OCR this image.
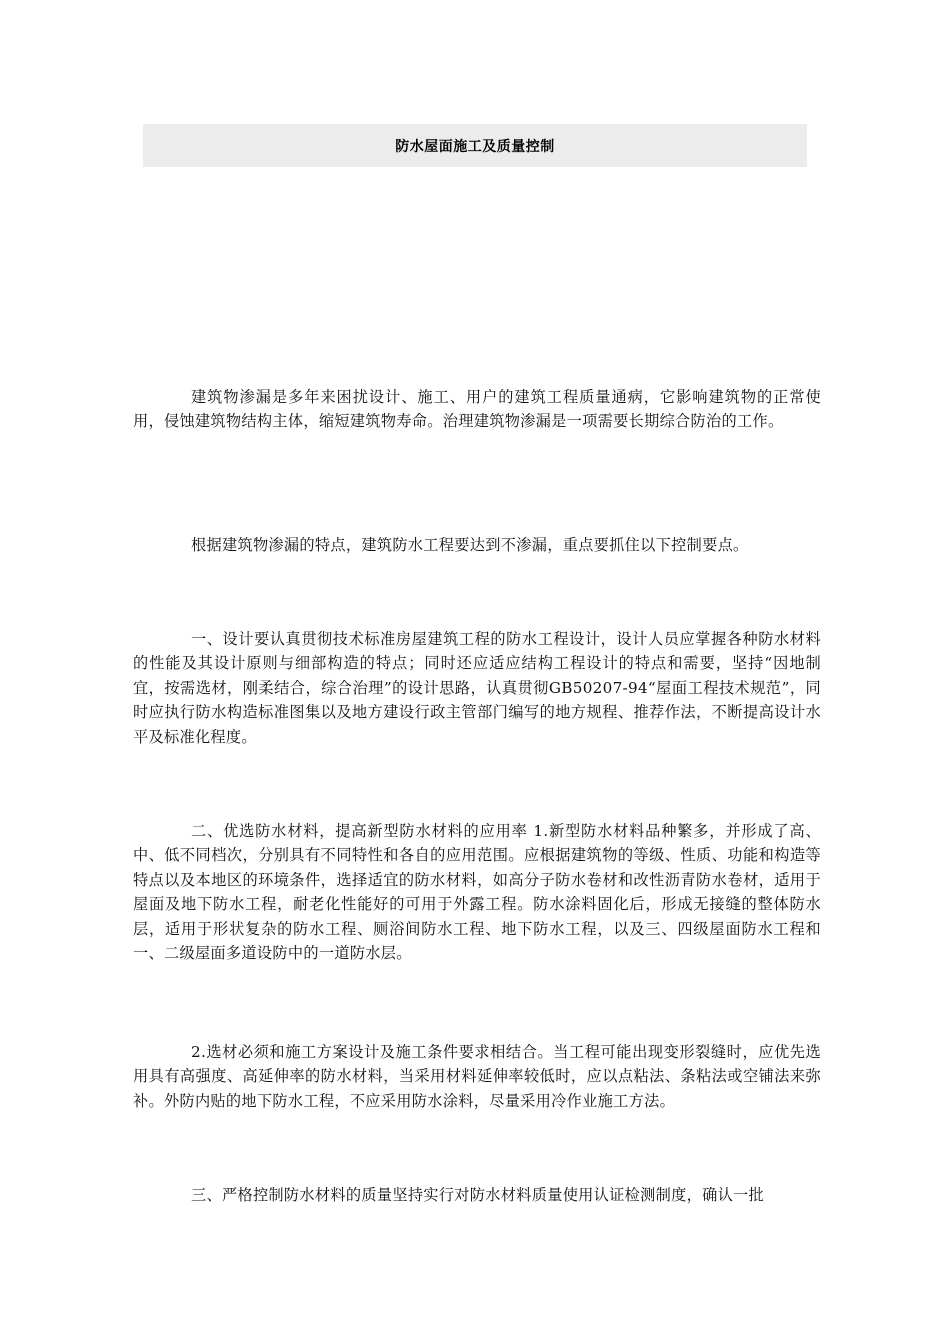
防水屋面施工及质量控制

建筑物渗漏是多年来困扰设计、施工、用户的建筑工程质量通病，它影响建筑物的正常使用，侵蚀建筑物结构主体，缩短建筑物寿命。治理建筑物渗漏是一项需要长期综合防治的工作。

根据建筑物渗漏的特点，建筑防水工程要达到不渗漏，重点要抓住以下控制要点。

一、设计要认真贯彻技术标准房屋建筑工程的防水工程设计，设计人员应掌握各种防水材料的性能及其设计原则与细部构造的特点；同时还应适应结构工程设计的特点和需要，坚持“因地制宜，按需选材，刚柔结合，综合治理”的设计思路，认真贯彻GB50207-94“屋面工程技术规范”，同时应执行防水构造标准图集以及地方建设行政主管部门编写的地方规程、推荐作法，不断提高设计水平及标准化程度。

二、优选防水材料，提高新型防水材料的应用率 1.新型防水材料品种繁多，并形成了高、中、低不同档次，分别具有不同特性和各自的应用范围。应根据建筑物的等级、性质、功能和构造等特点以及本地区的环境条件，选择适宜的防水材料，如高分子防水卷材和改性沥青防水卷材，适用于屋面及地下防水工程，耐老化性能好的可用于外露工程。防水涂料固化后，形成无接缝的整体防水层，适用于形状复杂的防水工程、厕浴间防水工程、地下防水工程，以及三、四级屋面防水工程和一、二级屋面多道设防中的一道防水层。

2.选材必须和施工方案设计及施工条件要求相结合。当工程可能出现变形裂缝时，应优先选用具有高强度、高延伸率的防水材料，当采用材料延伸率较低时，应以点粘法、条粘法或空铺法来弥补。外防内贴的地下防水工程，不应采用防水涂料，尽量采用冷作业施工方法。

三、严格控制防水材料的质量坚持实行对防水材料质量使用认证检测制度，确认一批
